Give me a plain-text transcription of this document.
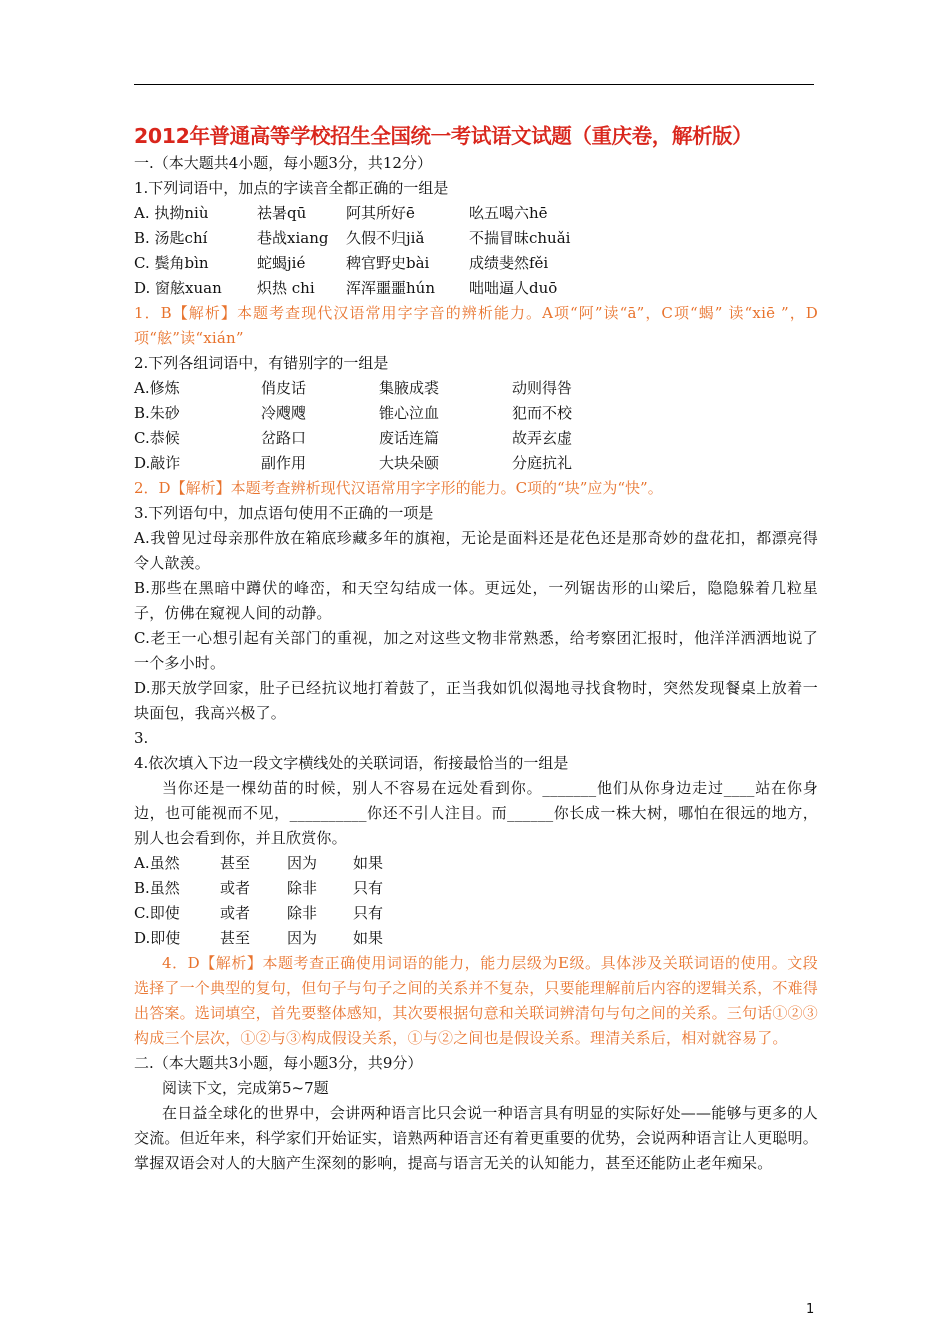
2012年普通高等学校招生全国统一考试语文试题（重庆卷，解析版）
一.（本大题共4小题，每小题3分，共12分）
1.下列词语中，加点的字读音全都正确的一组是
A. 执拗niù	祛暑qū	阿其所好ē	吆五喝六hē
B. 汤匙chí	巷战xiang	久假不归jiǎ	不揣冒昧chuǎi
C. 鬓角bìn	蛇蝎jié	稗官野史bài	成绩斐然fěi
D. 窗舷xuan	炽热 chi	浑浑噩噩hún	咄咄逼人duō
1．B【解析】本题考查现代汉语常用字字音的辨析能力。A项“阿”读“ā”，C项“蝎” 读“xiē ”，D 项“舷”读“xián”
2.下列各组词语中，有错别字的一组是
A.修炼	俏皮话	集腋成裘	动则得咎
B.朱砂	冷飕飕	锥心泣血	犯而不校
C.恭候	岔路口	废话连篇	故弄玄虚
D.敲诈	副作用	大块朵颐	分庭抗礼
2．D【解析】本题考查辨析现代汉语常用字字形的能力。C项的“块”应为“快”。
3.下列语句中，加点语句使用不正确的一项是
A.我曾见过母亲那件放在箱底珍藏多年的旗袍，无论是面料还是花色还是那奇妙的盘花扣，都漂亮得令人歆羡。
B.那些在黑暗中蹲伏的峰峦，和天空勾结成一体。更远处，一列锯齿形的山梁后，隐隐躲着几粒星子，仿佛在窥视人间的动静。
C.老王一心想引起有关部门的重视，加之对这些文物非常熟悉，给考察团汇报时，他洋洋洒洒地说了一个多小时。
D.那天放学回家，肚子已经抗议地打着鼓了，正当我如饥似渴地寻找食物时，突然发现餐桌上放着一块面包，我高兴极了。
3.
4.依次填入下边一段文字横线处的关联词语，衔接最恰当的一组是
当你还是一棵幼苗的时候，别人不容易在远处看到你。_______他们从你身边走过____站在你身边，也可能视而不见，__________你还不引人注目。而______你长成一株大树，哪怕在很远的地方，别人也会看到你，并且欣赏你。
A.虽然	甚至	因为	如果
B.虽然	或者	除非	只有
C.即使	或者	除非	只有
D.即使	甚至	因为	如果
4．D【解析】本题考查正确使用词语的能力，能力层级为E级。具体涉及关联词语的使用。文段选择了一个典型的复句，但句子与句子之间的关系并不复杂，只要能理解前后内容的逻辑关系，不难得出答案。选词填空，首先要整体感知，其次要根据句意和关联词辨清句与句之间的关系。三句话①②③构成三个层次，①②与③构成假设关系，①与②之间也是假设关系。理清关系后，相对就容易了。
二.（本大题共3小题，每小题3分，共9分）
阅读下文，完成第5~7题
在日益全球化的世界中，会讲两种语言比只会说一种语言具有明显的实际好处——能够与更多的人交流。但近年来，科学家们开始证实，谙熟两种语言还有着更重要的优势，会说两种语言让人更聪明。掌握双语会对人的大脑产生深刻的影响，提高与语言无关的认知能力，甚至还能防止老年痴呆。
1
